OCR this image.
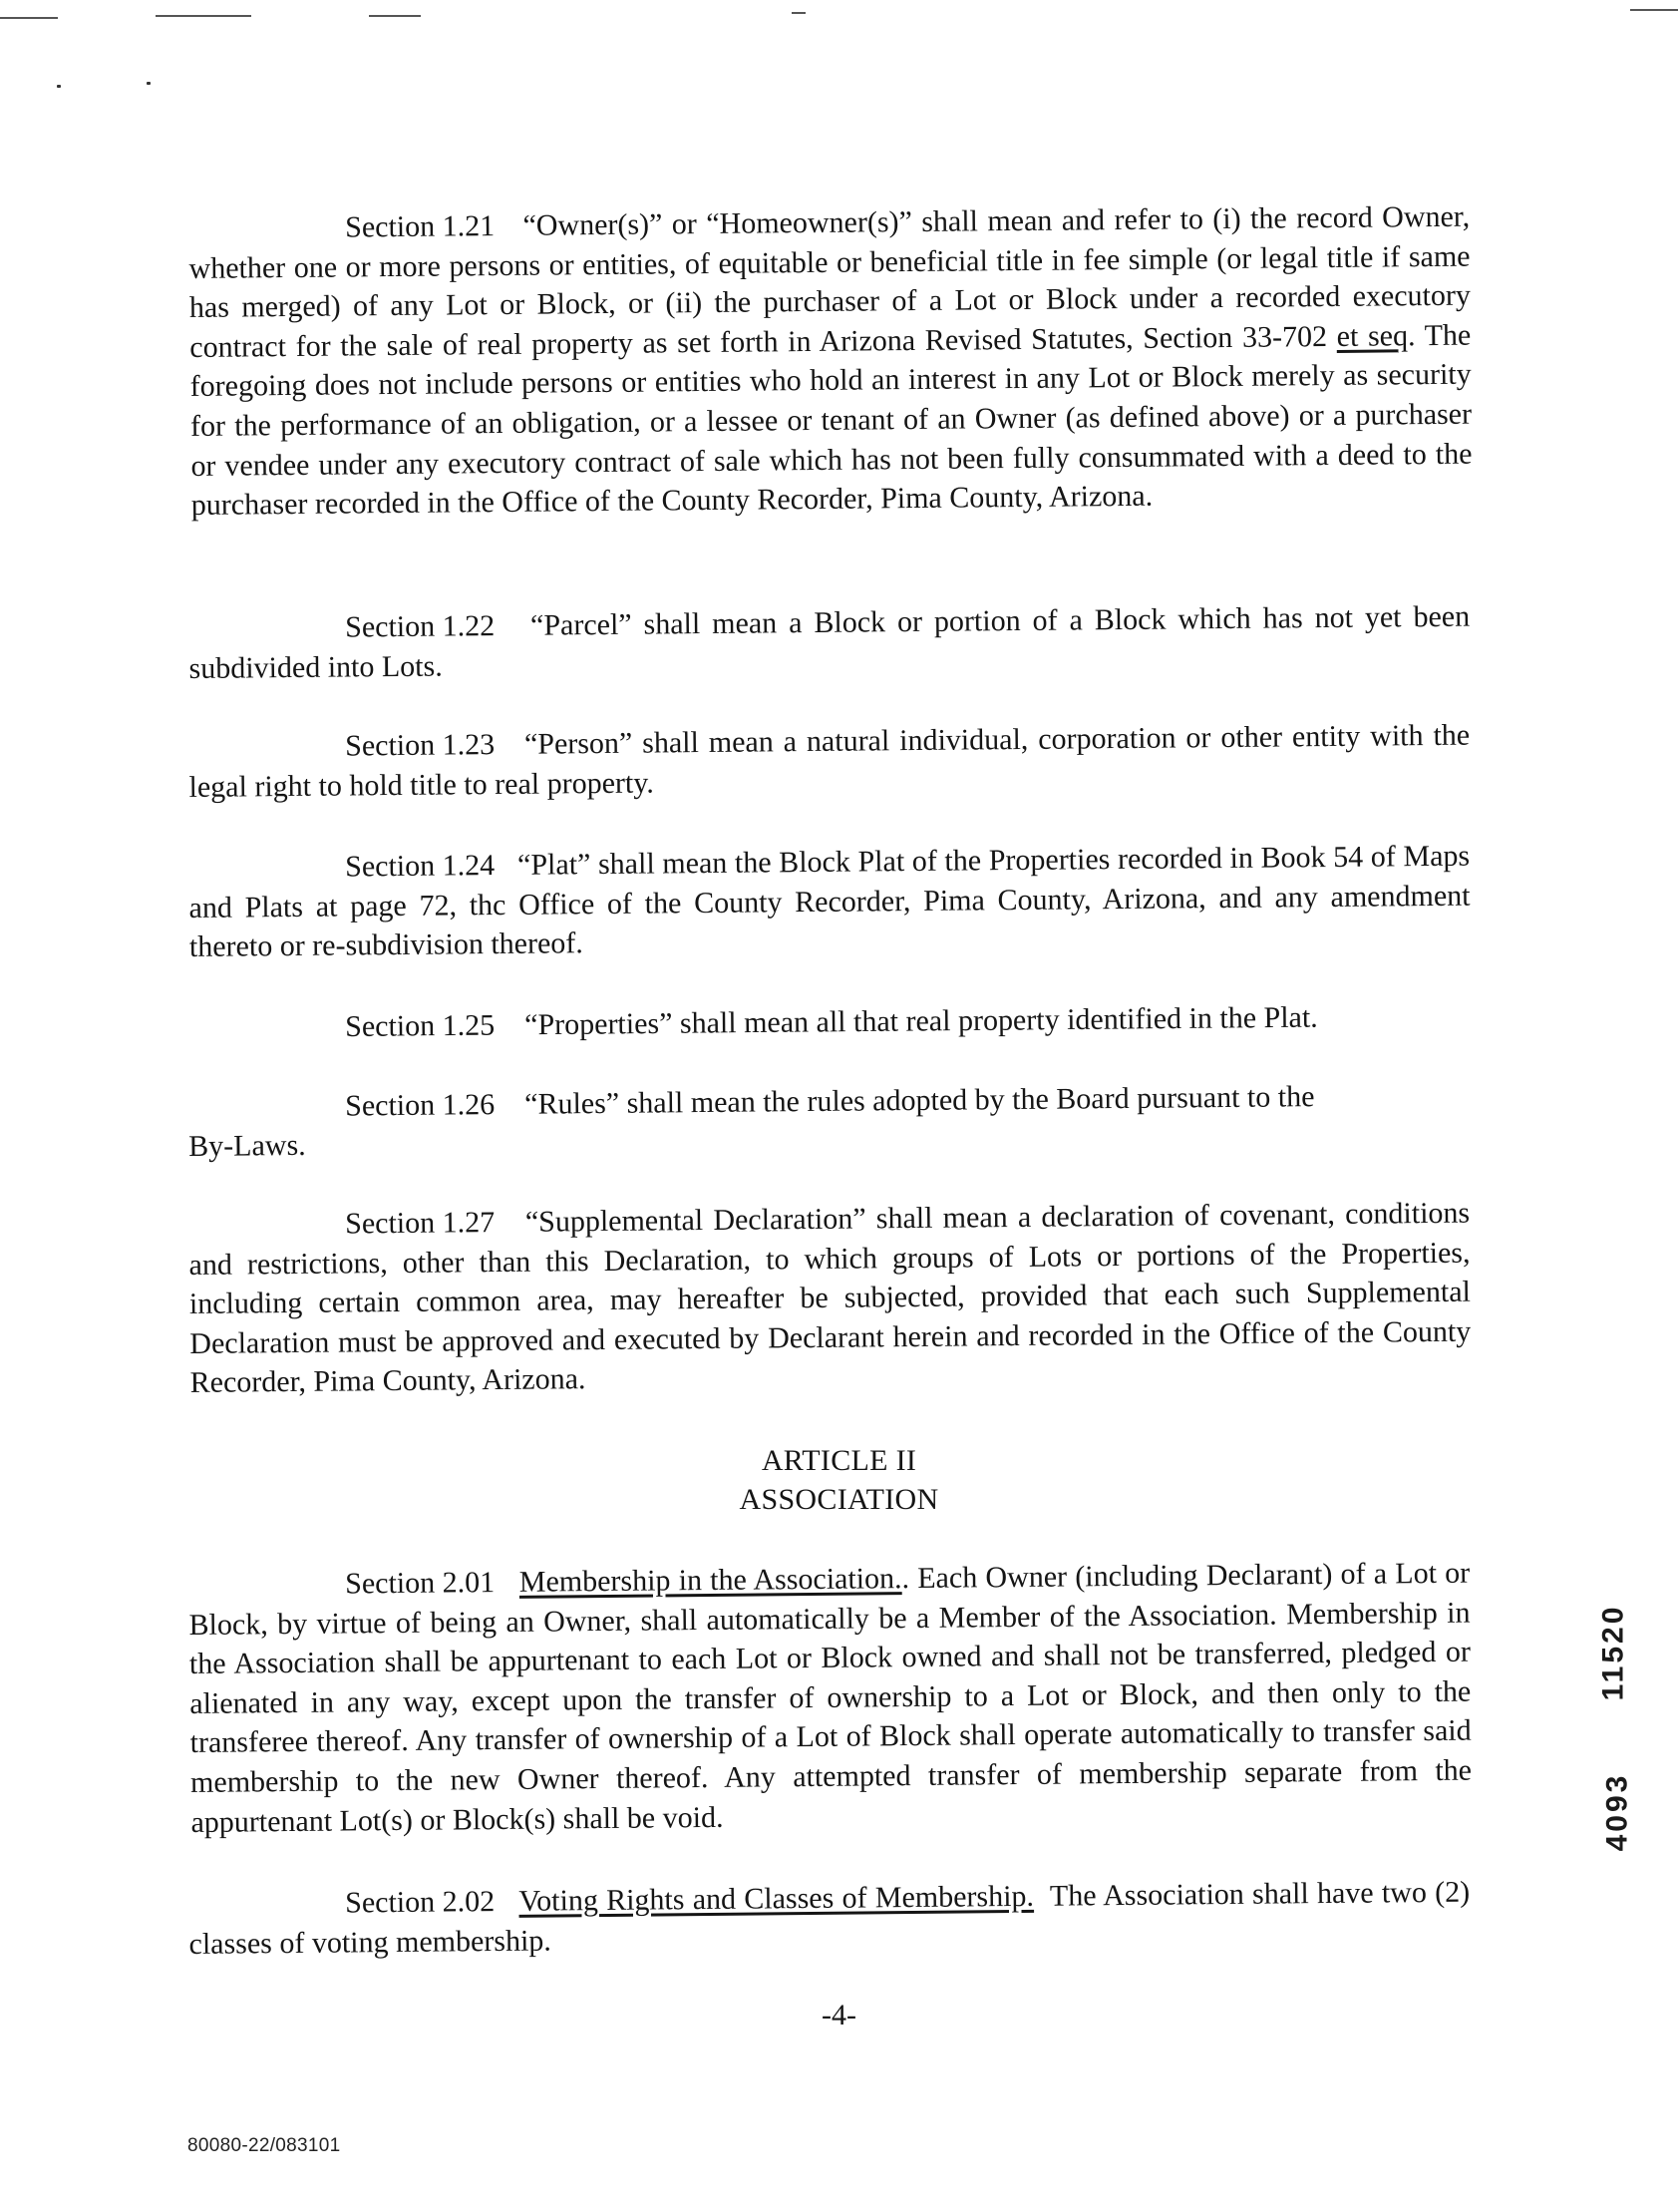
Section 1.21 “Owner(s)” or “Homeowner(s)” shall mean and refer to (i) the record Owner, whether one or more persons or entities, of equitable or beneficial title in fee simple (or legal title if same has merged) of any Lot or Block, or (ii) the purchaser of a Lot or Block under a recorded executory contract for the sale of real property as set forth in Arizona Revised Statutes, Section 33-702 et seq. The foregoing does not include persons or entities who hold an interest in any Lot or Block merely as security for the performance of an obligation, or a lessee or tenant of an Owner (as defined above) or a purchaser or vendee under any executory contract of sale which has not been fully consummated with a deed to the purchaser recorded in the Office of the County Recorder, Pima County, Arizona.
Section 1.22 “Parcel” shall mean a Block or portion of a Block which has not yet been subdivided into Lots.
Section 1.23 “Person” shall mean a natural individual, corporation or other entity with the legal right to hold title to real property.
Section 1.24 “Plat” shall mean the Block Plat of the Properties recorded in Book 54 of Maps and Plats at page 72, thc Office of the County Recorder, Pima County, Arizona, and any amendment thereto or re-subdivision thereof.
Section 1.25 “Properties” shall mean all that real property identified in the Plat.
Section 1.26 “Rules” shall mean the rules adopted by the Board pursuant to the
By-Laws.
Section 1.27 “Supplemental Declaration” shall mean a declaration of covenant, conditions and restrictions, other than this Declaration, to which groups of Lots or portions of the Properties, including certain common area, may hereafter be subjected, provided that each such Supplemental Declaration must be approved and executed by Declarant herein and recorded in the Office of the County Recorder, Pima County, Arizona.
ARTICLE II
ASSOCIATION
Section 2.01 Membership in the Association.. Each Owner (including Declarant) of a Lot or Block, by virtue of being an Owner, shall automatically be a Member of the Association. Membership in the Association shall be appurtenant to each Lot or Block owned and shall not be transferred, pledged or alienated in any way, except upon the transfer of ownership to a Lot or Block, and then only to the transferee thereof. Any transfer of ownership of a Lot of Block shall operate automatically to transfer said membership to the new Owner thereof. Any attempted transfer of membership separate from the appurtenant Lot(s) or Block(s) shall be void.
Section 2.02 Voting Rights and Classes of Membership. The Association shall have two (2) classes of voting membership.
-4-
80080-22/083101
11520
4093
